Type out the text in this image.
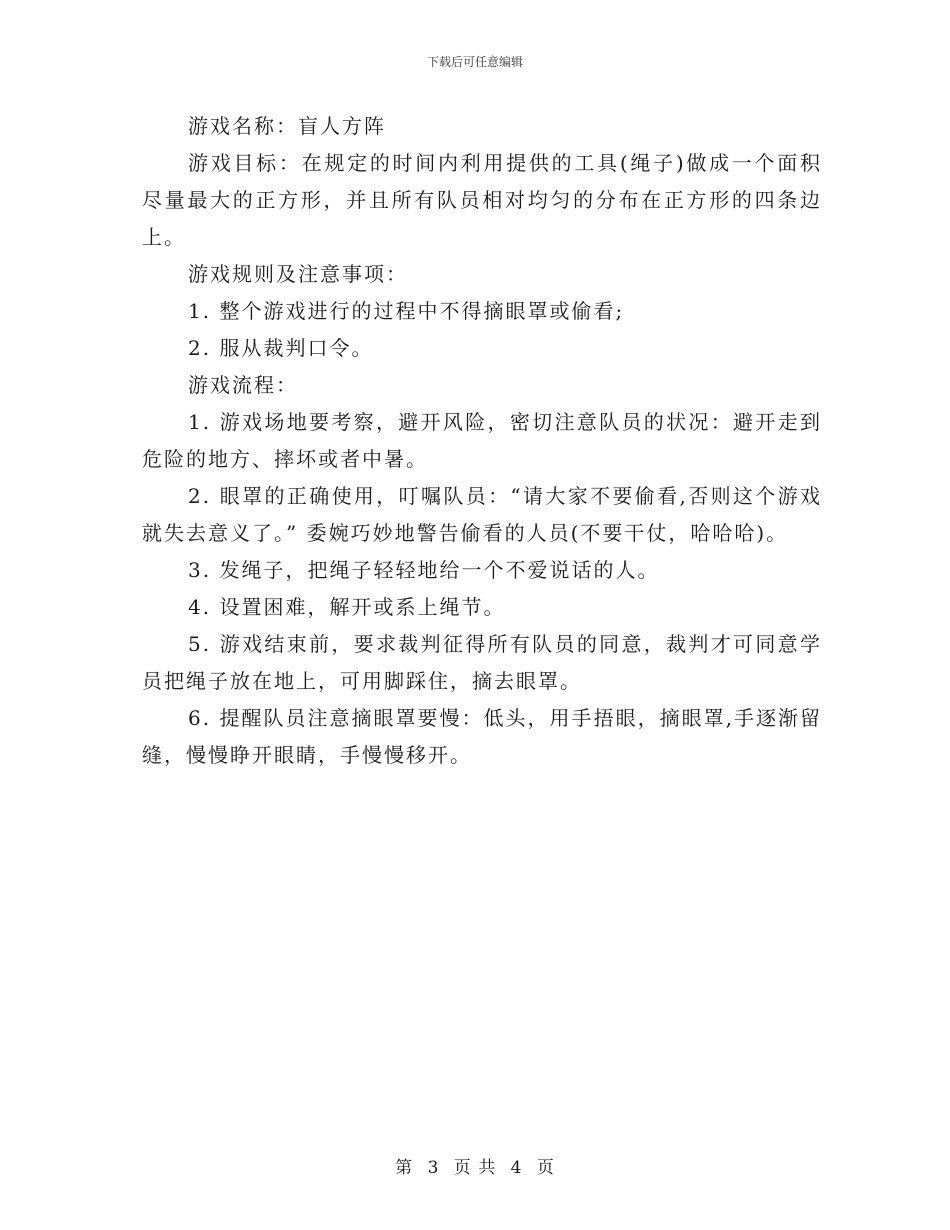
下载后可任意编辑

游戏名称：盲人方阵

游戏目标：在规定的时间内利用提供的工具(绳子)做成一个面积尽量最大的正方形，并且所有队员相对均匀的分布在正方形的四条边上。

游戏规则及注意事项：

1. 整个游戏进行的过程中不得摘眼罩或偷看;

2. 服从裁判口令。

游戏流程：

1. 游戏场地要考察，避开风险，密切注意队员的状况：避开走到危险的地方、摔坏或者中暑。

2. 眼罩的正确使用，叮嘱队员：“请大家不要偷看,否则这个游戏就失去意义了。” 委婉巧妙地警告偷看的人员(不要干仗，哈哈哈)。

3. 发绳子，把绳子轻轻地给一个不爱说话的人。

4. 设置困难，解开或系上绳节。

5. 游戏结束前，要求裁判征得所有队员的同意，裁判才可同意学员把绳子放在地上，可用脚踩住，摘去眼罩。

6. 提醒队员注意摘眼罩要慢：低头，用手捂眼，摘眼罩,手逐渐留缝，慢慢睁开眼睛，手慢慢移开。

第 3 页 共 4 页
